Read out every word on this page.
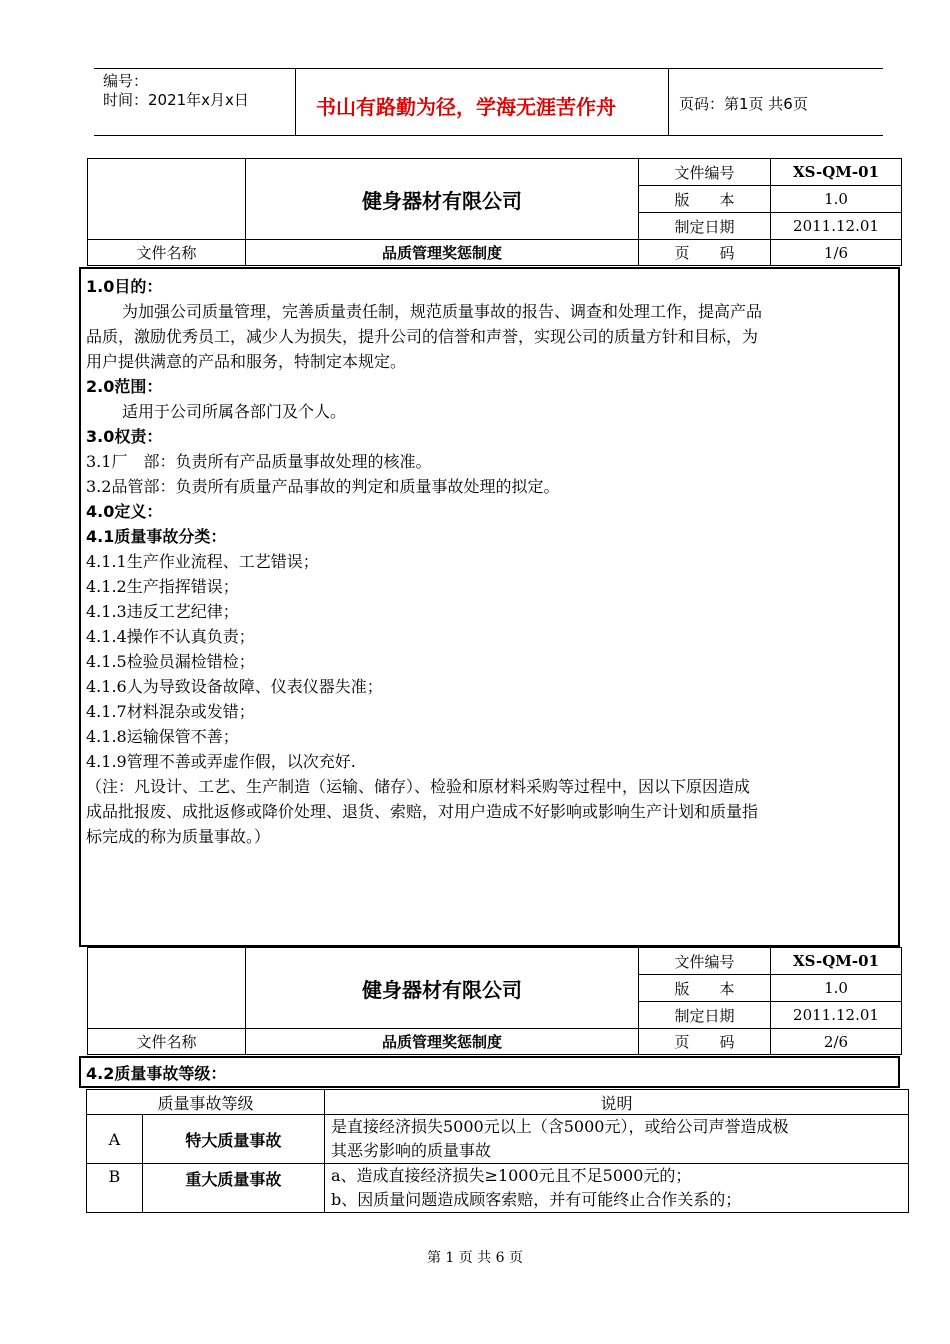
编号：
时间：2021年x月x日	书山有路勤为径，学海无涯苦作舟	页码：第1页 共6页
	健身器材有限公司	文件编号	XS-QM-01
		版　　本	1.0
		制定日期	2011.12.01
文件名称	品质管理奖惩制度	页　　码	1/6
1.0目的：
为加强公司质量管理，完善质量责任制，规范质量事故的报告、调查和处理工作，提高产品
品质，激励优秀员工，减少人为损失，提升公司的信誉和声誉，实现公司的质量方针和目标，为
用户提供满意的产品和服务，特制定本规定。
2.0范围：
适用于公司所属各部门及个人。
3.0权责：
3.1厂　部：负责所有产品质量事故处理的核准。
3.2品管部：负责所有质量产品事故的判定和质量事故处理的拟定。
4.0定义：
4.1质量事故分类：
4.1.1生产作业流程、工艺错误；
4.1.2生产指挥错误；
4.1.3违反工艺纪律；
4.1.4操作不认真负责；
4.1.5检验员漏检错检；
4.1.6人为导致设备故障、仪表仪器失准；
4.1.7材料混杂或发错；
4.1.8运输保管不善；
4.1.9管理不善或弄虚作假，以次充好.
（注：凡设计、工艺、生产制造（运输、储存）、检验和原材料采购等过程中，因以下原因造成
成品批报废、成批返修或降价处理、退货、索赔，对用户造成不好影响或影响生产计划和质量指
标完成的称为质量事故。）
	健身器材有限公司	文件编号	XS-QM-01
		版　　本	1.0
		制定日期	2011.12.01
文件名称	品质管理奖惩制度	页　　码	2/6
4.2质量事故等级：
质量事故等级		说明
A	特大质量事故	是直接经济损失5000元以上（含5000元），或给公司声誉造成极
其恶劣影响的质量事故

B	重大质量事故	a、造成直接经济损失≥1000元且不足5000元的；
b、因质量问题造成顾客索赔，并有可能终止合作关系的；
第 1 页 共 6 页
